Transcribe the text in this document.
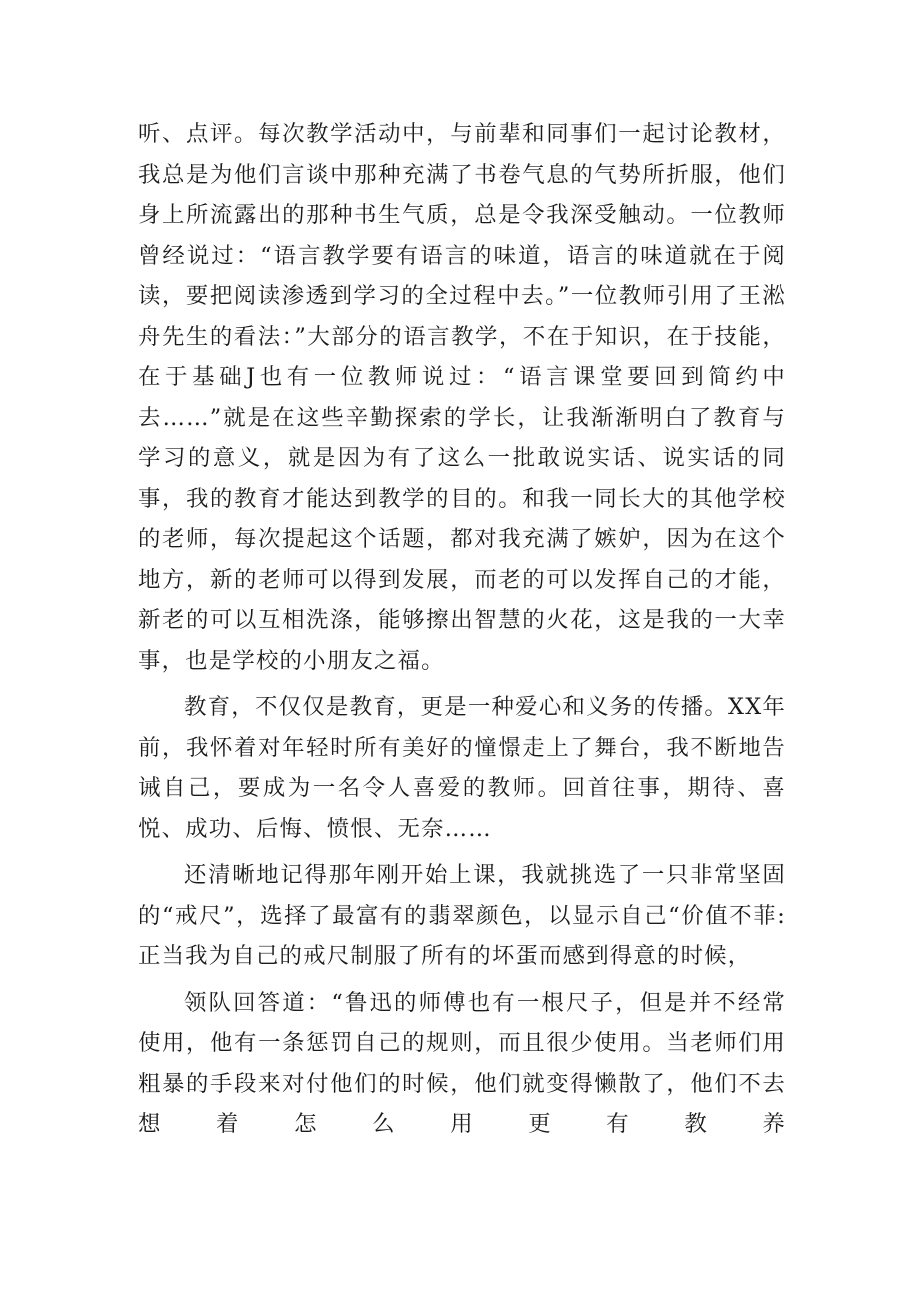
听、点评。每次教学活动中，与前辈和同事们一起讨论教材，我总是为他们言谈中那种充满了书卷气息的气势所折服，他们身上所流露出的那种书生气质，总是令我深受触动。一位教师曾经说过：“语言教学要有语言的味道，语言的味道就在于阅读，要把阅读渗透到学习的全过程中去。”一位教师引用了王淞舟先生的看法：”大部分的语言教学，不在于知识，在于技能，在于基础J也有一位教师说过：“语言课堂要回到简约中去……”就是在这些辛勤探索的学长，让我渐渐明白了教育与学习的意义，就是因为有了这么一批敢说实话、说实话的同事，我的教育才能达到教学的目的。和我一同长大的其他学校的老师，每次提起这个话题，都对我充满了嫉妒，因为在这个地方，新的老师可以得到发展，而老的可以发挥自己的才能，新老的可以互相洗涤，能够擦出智慧的火花，这是我的一大幸事，也是学校的小朋友之福。

教育，不仅仅是教育，更是一种爱心和义务的传播。XX年前，我怀着对年轻时所有美好的憧憬走上了舞台，我不断地告诫自己，要成为一名令人喜爱的教师。回首往事，期待、喜悦、成功、后悔、愤恨、无奈……

还清晰地记得那年刚开始上课，我就挑选了一只非常坚固的“戒尺”，选择了最富有的翡翠颜色，以显示自己“价值不菲:正当我为自己的戒尺制服了所有的坏蛋而感到得意的时候，

领队回答道：“鲁迅的师傅也有一根尺子，但是并不经常使用，他有一条惩罚自己的规则，而且很少使用。当老师们用粗暴的手段来对付他们的时候，他们就变得懒散了，他们不去想着怎么用更有教养
